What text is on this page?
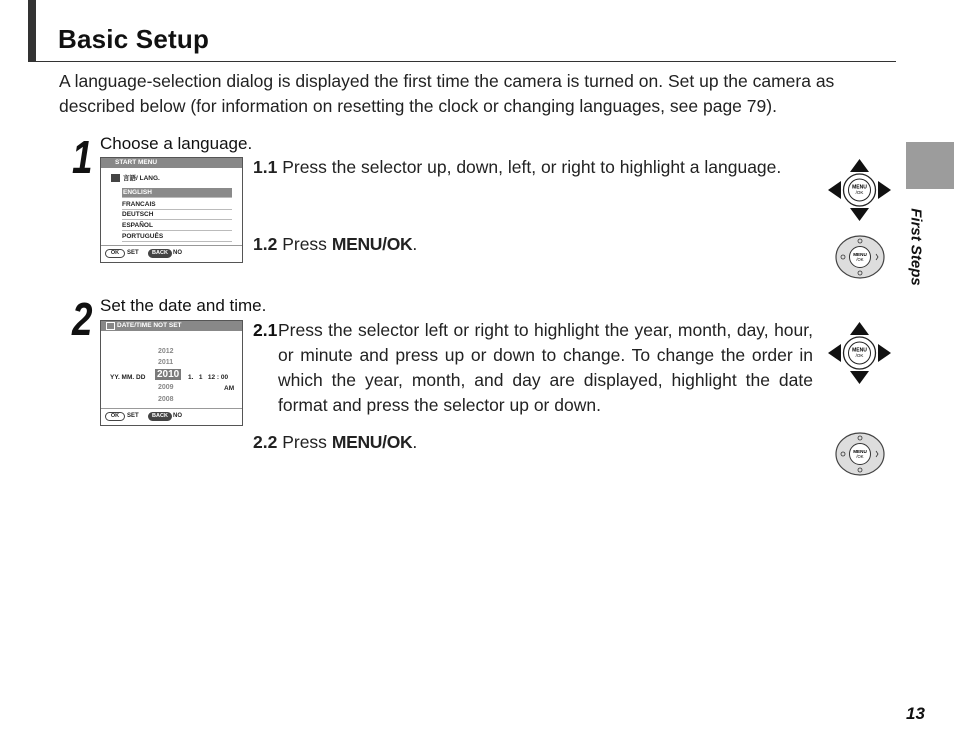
Basic Setup

A language-selection dialog is displayed the first time the camera is turned on. Set up the camera as described below (for information on resetting the clock or changing languages, see page 79).

First Steps
1 Choose a language.
START MENU
言語/ LANG.
ENGLISH
FRANCAIS
DEUTSCH
ESPAÑOL
PORTUGUÊS
OK	SET	BACK NO
1.1 Press the selector up, down, left, or right to highlight a language.
1.2 Press MENU/OK.
MENU
/OK
MENU
/OK
2 Set the date and time.
DATE/TIME NOT SET
2012
2011
2010
2009
2008
YY. MM. DD	1.   1   12 : 00
AM
OK	SET	BACK NO
2.1 Press the selector left or right to highlight the year, month, day, hour, or minute and press up or down to change. To change the order in which the year, month, and day are displayed, highlight the date format and press the selector up or down.
2.2 Press MENU/OK.
MENU
/OK
MENU
/OK
13
